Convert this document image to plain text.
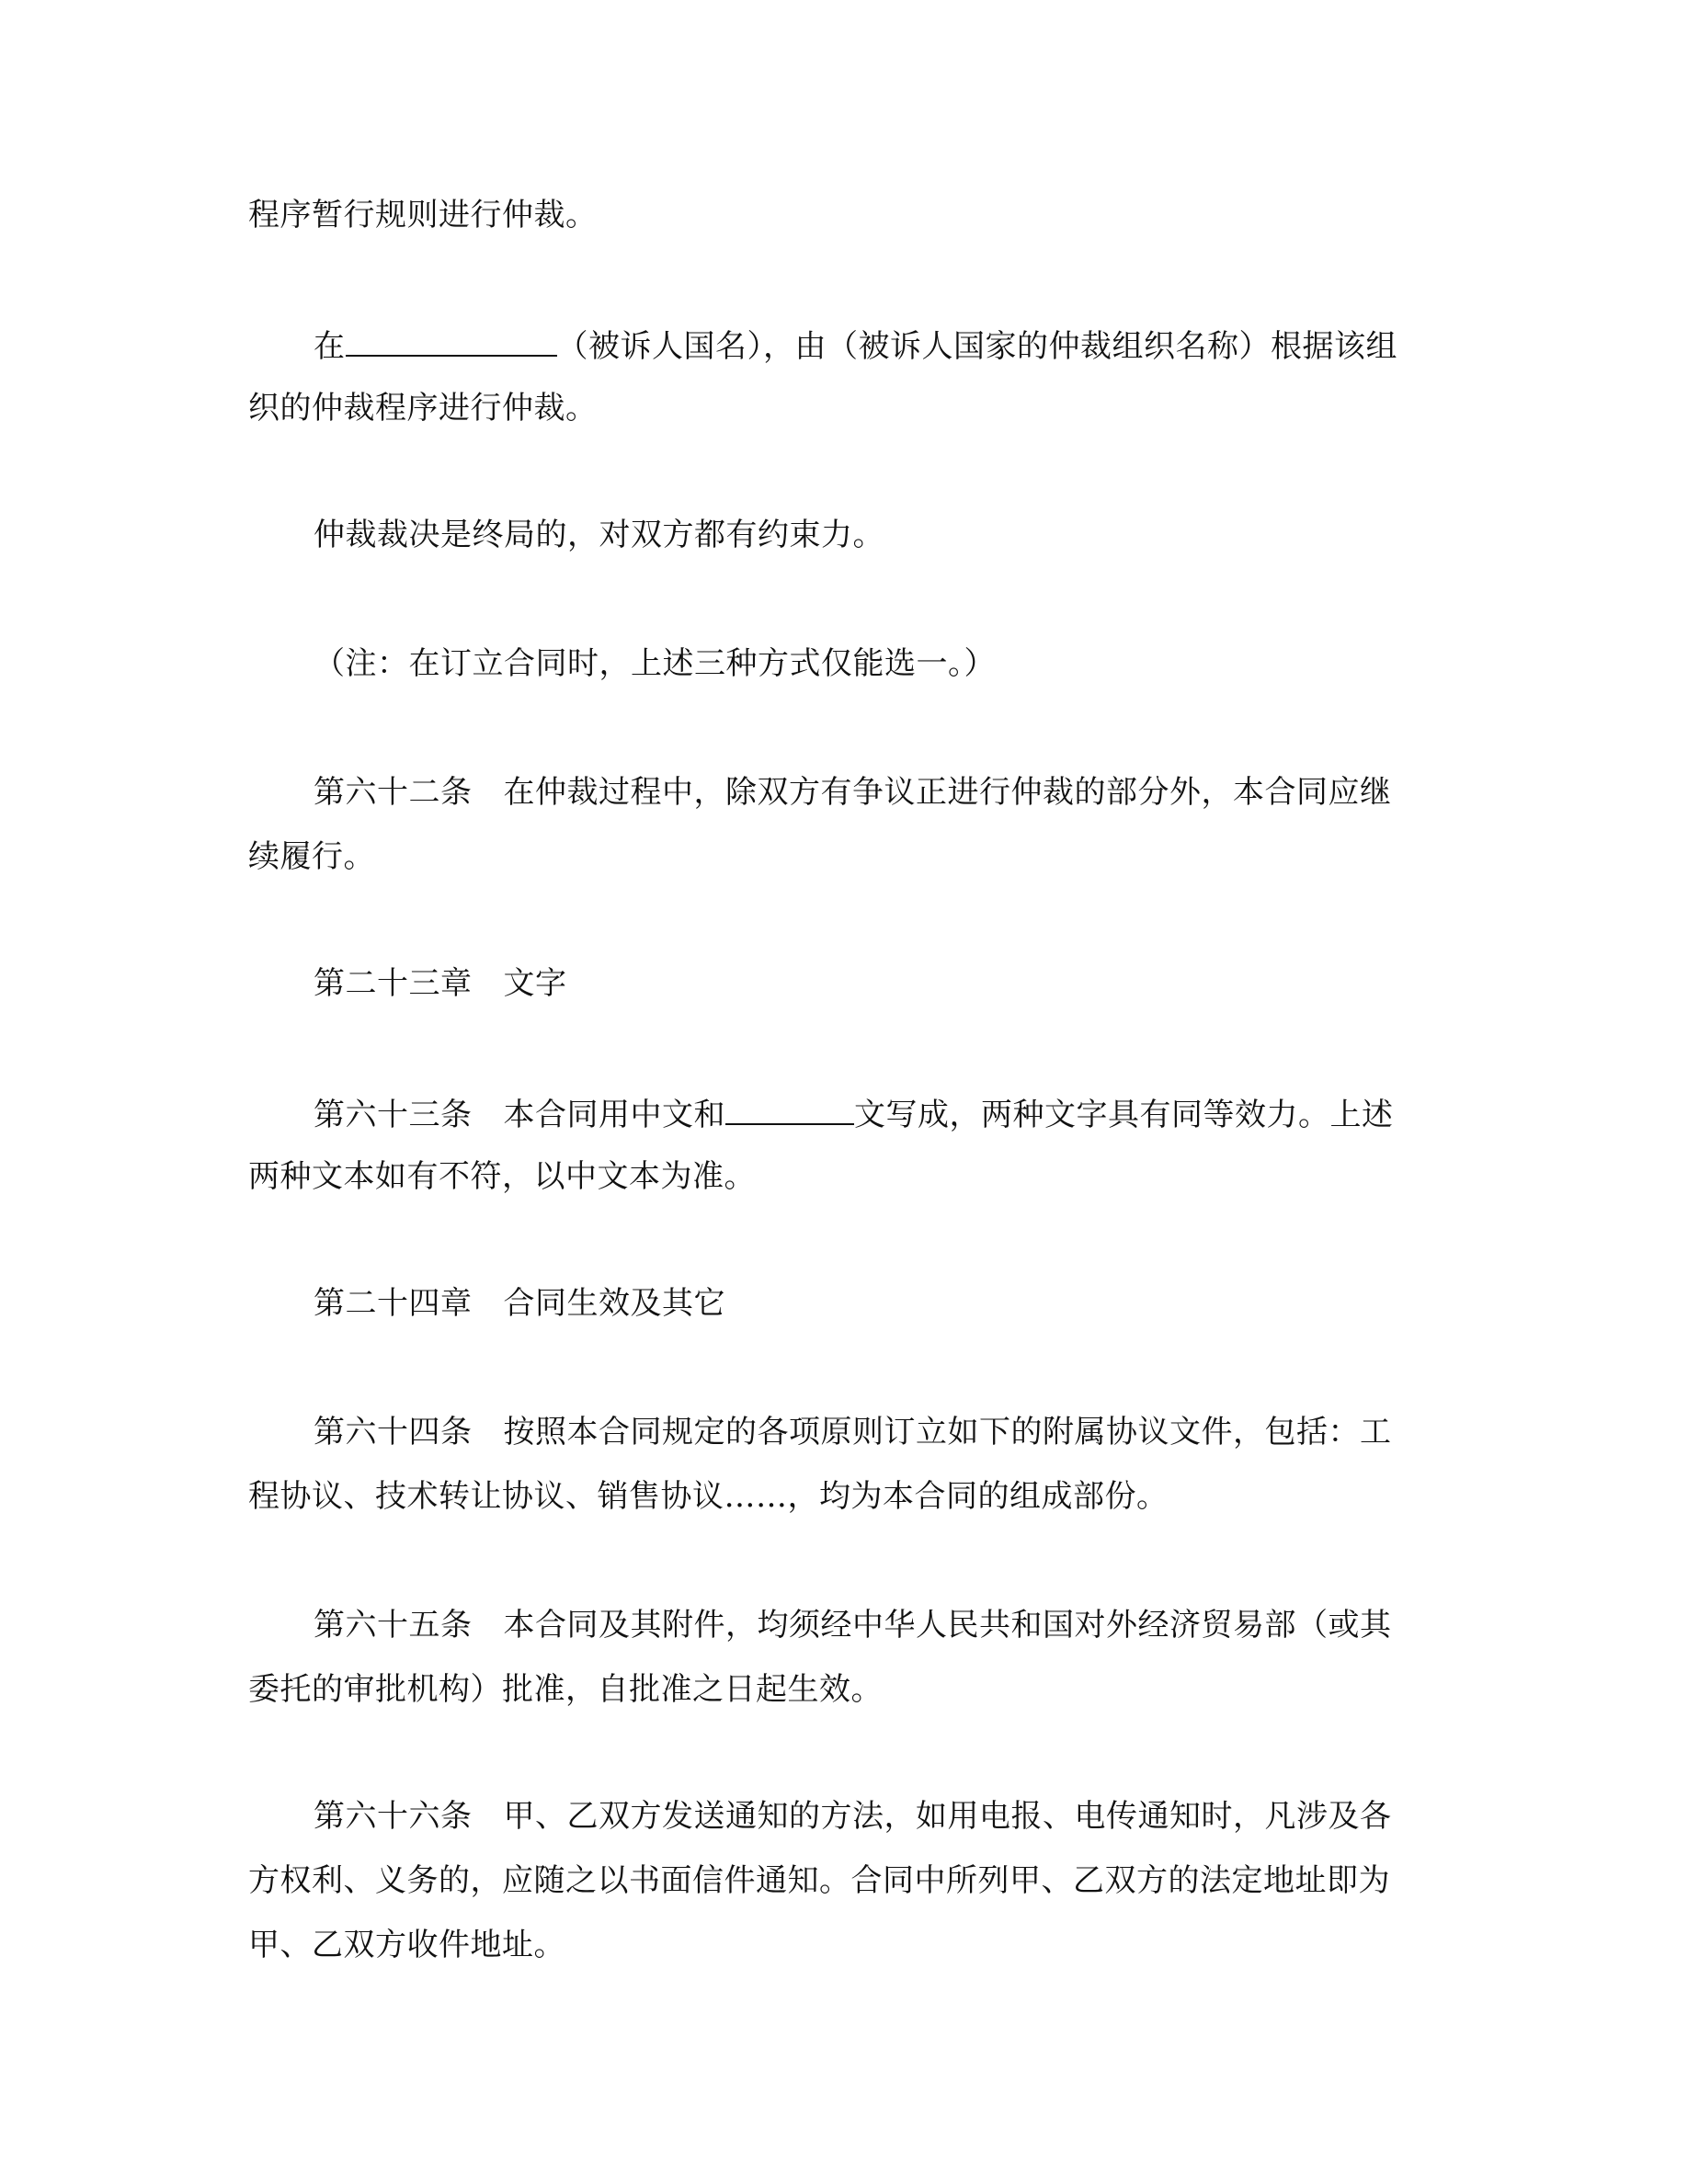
程序暂行规则进行仲裁。
在	（被诉人国名），由（被诉人国家的仲裁组织名称）根据该组
织的仲裁程序进行仲裁。
仲裁裁决是终局的，对双方都有约束力。
（注：在订立合同时，上述三种方式仅能选一。）
第六十二条 在仲裁过程中，除双方有争议正进行仲裁的部分外，本合同应继
续履行。
第二十三章 文字
第六十三条 本合同用中文和	文写成，两种文字具有同等效力。上述
两种文本如有不符，以中文本为准。
第二十四章 合同生效及其它
第六十四条 按照本合同规定的各项原则订立如下的附属协议文件，包括：工
程协议、技术转让协议、销售协议……，均为本合同的组成部份。
第六十五条 本合同及其附件，均须经中华人民共和国对外经济贸易部（或其
委托的审批机构）批准，自批准之日起生效。
第六十六条 甲、乙双方发送通知的方法，如用电报、电传通知时，凡涉及各
方权利、义务的，应随之以书面信件通知。合同中所列甲、乙双方的法定地址即为
甲、乙双方收件地址。
